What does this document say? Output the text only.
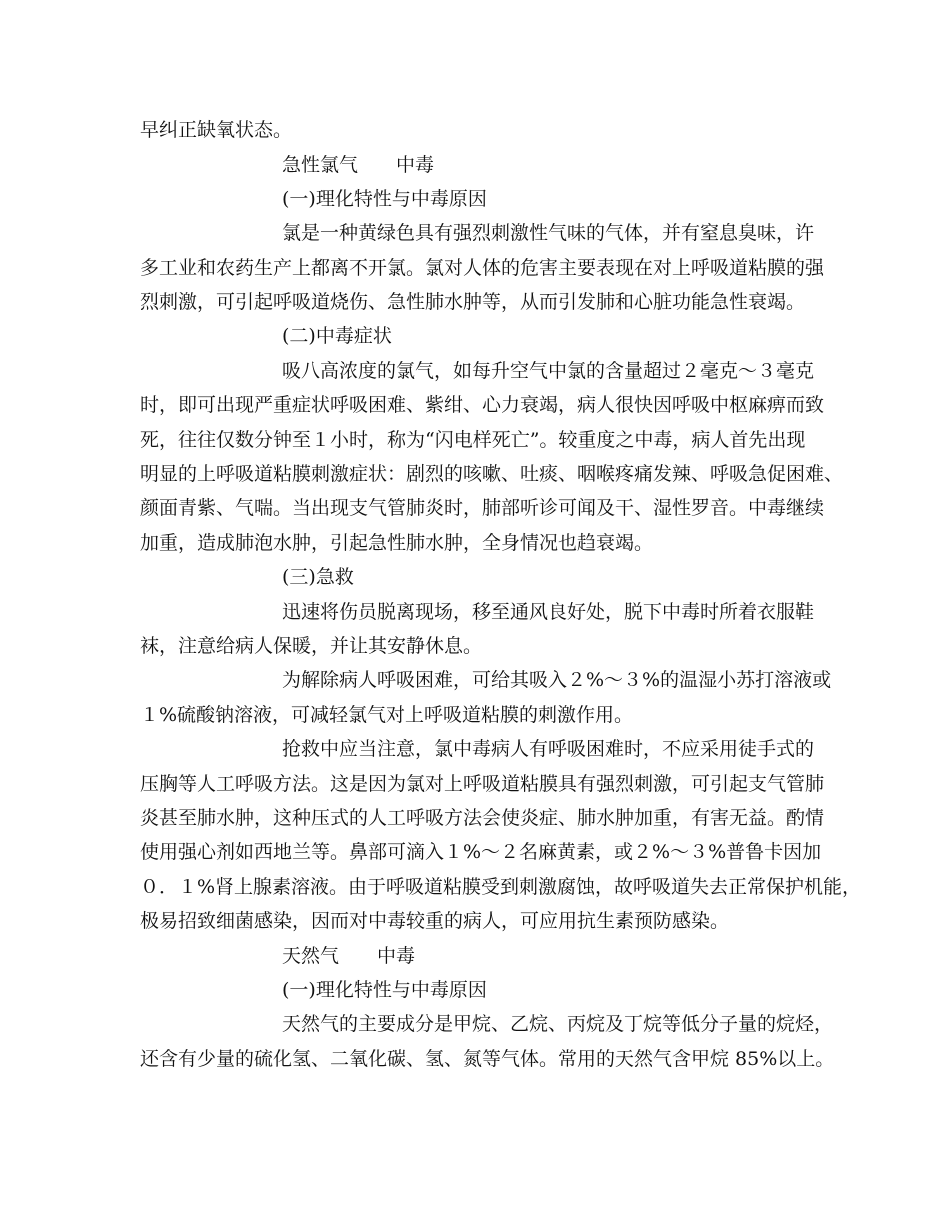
早纠正缺氧状态。
急性氯气　　中毒
(一)理化特性与中毒原因
氯是一种黄绿色具有强烈刺激性气味的气体，并有窒息臭味，许
多工业和农药生产上都离不开氯。氯对人体的危害主要表现在对上呼吸道粘膜的强
烈刺激，可引起呼吸道烧伤、急性肺水肿等，从而引发肺和心脏功能急性衰竭。
(二)中毒症状
吸八高浓度的氯气，如每升空气中氯的含量超过２毫克～３毫克
时，即可出现严重症状呼吸困难、紫绀、心力衰竭，病人很快因呼吸中枢麻痹而致
死，往往仅数分钟至１小时，称为“闪电样死亡”。较重度之中毒，病人首先出现
明显的上呼吸道粘膜刺激症状：剧烈的咳嗽、吐痰、咽喉疼痛发辣、呼吸急促困难、
颜面青紫、气喘。当出现支气管肺炎时，肺部听诊可闻及干、湿性罗音。中毒继续
加重，造成肺泡水肿，引起急性肺水肿，全身情况也趋衰竭。
(三)急救
迅速将伤员脱离现场，移至通风良好处，脱下中毒时所着衣服鞋
袜，注意给病人保暖，并让其安静休息。
为解除病人呼吸困难，可给其吸入２%～３%的温湿小苏打溶液或
１%硫酸钠溶液，可减轻氯气对上呼吸道粘膜的刺激作用。
抢救中应当注意，氯中毒病人有呼吸困难时，不应采用徒手式的
压胸等人工呼吸方法。这是因为氯对上呼吸道粘膜具有强烈刺激，可引起支气管肺
炎甚至肺水肿，这种压式的人工呼吸方法会使炎症、肺水肿加重，有害无益。酌情
使用强心剂如西地兰等。鼻部可滴入１%～２名麻黄素，或２%～３%普鲁卡因加
０．１%肾上腺素溶液。由于呼吸道粘膜受到刺激腐蚀，故呼吸道失去正常保护机能，
极易招致细菌感染，因而对中毒较重的病人，可应用抗生素预防感染。
天然气　　中毒
(一)理化特性与中毒原因
天然气的主要成分是甲烷、乙烷、丙烷及丁烷等低分子量的烷烃，
还含有少量的硫化氢、二氧化碳、氢、氮等气体。常用的天然气含甲烷 85%以上。
